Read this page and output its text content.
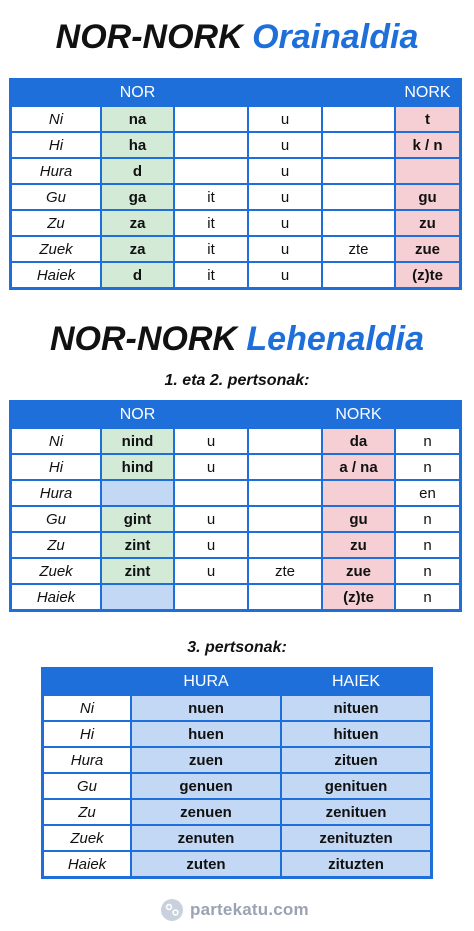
NOR-NORK Orainaldia
	NOR				NORK
Ni	na		u		t
Hi	ha		u		k / n
Hura	d		u		
Gu	ga	it	u		gu
Zu	za	it	u		zu
Zuek	za	it	u	zte	zue
Haiek	d	it	u		(z)te
NOR-NORK Lehenaldia
1. eta 2. pertsonak:
	NOR			NORK	
Ni	nind	u		da	n
Hi	hind	u		a / na	n
Hura					en
Gu	gint	u		gu	n
Zu	zint	u		zu	n
Zuek	zint	u	zte	zue	n
Haiek				(z)te	n
3. pertsonak:
	HURA	HAIEK
Ni	nuen	nituen
Hi	huen	hituen
Hura	zuen	zituen
Gu	genuen	genituen
Zu	zenuen	zenituen
Zuek	zenuten	zenituzten
Haiek	zuten	zituzten
partekatu.com
